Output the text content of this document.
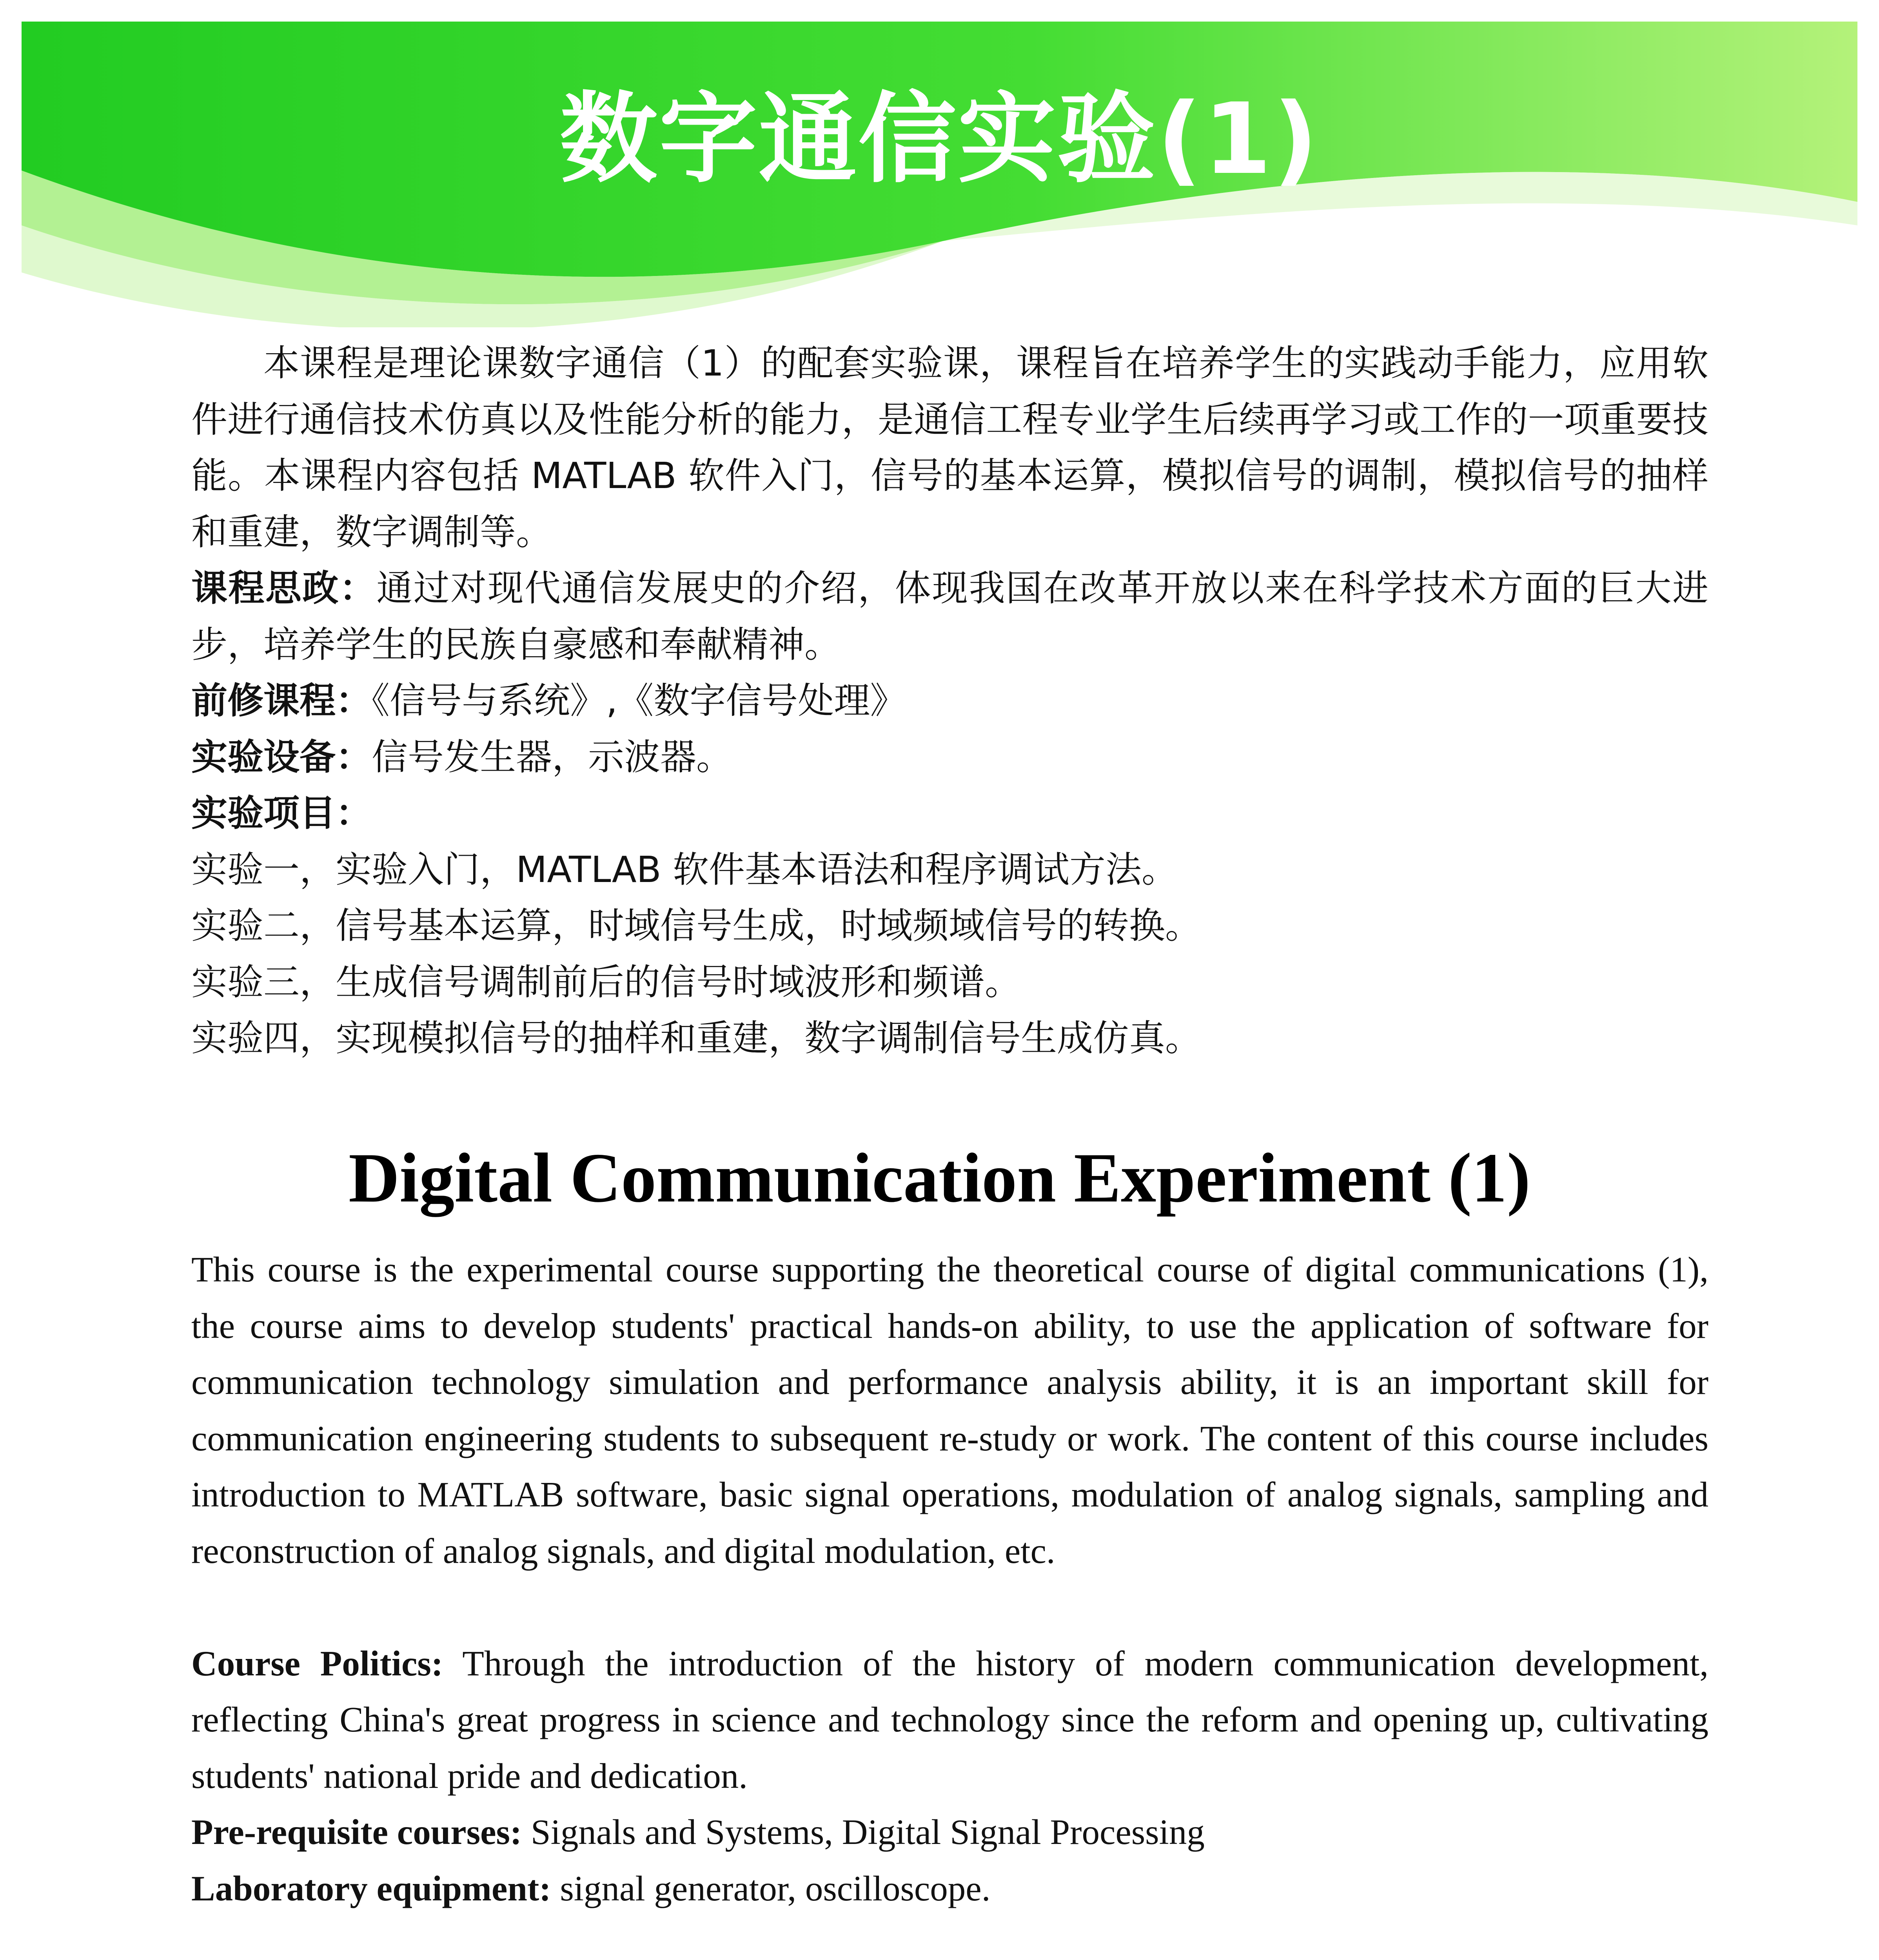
数字通信实验(1)

本课程是理论课数字通信（1）的配套实验课，课程旨在培养学生的实践动手能力，应用软件进行通信技术仿真以及性能分析的能力，是通信工程专业学生后续再学习或工作的一项重要技能。本课程内容包括 MATLAB 软件入门，信号的基本运算，模拟信号的调制，模拟信号的抽样和重建，数字调制等。

课程思政：通过对现代通信发展史的介绍，体现我国在改革开放以来在科学技术方面的巨大进步，培养学生的民族自豪感和奉献精神。

前修课程：《信号与系统》,《数字信号处理》

实验设备：信号发生器，示波器。

实验项目：

实验一，实验入门，MATLAB 软件基本语法和程序调试方法。

实验二，信号基本运算，时域信号生成，时域频域信号的转换。

实验三，生成信号调制前后的信号时域波形和频谱。

实验四，实现模拟信号的抽样和重建，数字调制信号生成仿真。

Digital Communication Experiment (1)

This course is the experimental course supporting the theoretical course of digital communications (1), the course aims to develop students' practical hands-on ability, to use the application of software for communication technology simulation and performance analysis ability, it is an important skill for communication engineering students to subsequent re-study or work. The content of this course includes introduction to MATLAB software, basic signal operations, modulation of analog signals, sampling and reconstruction of analog signals, and digital modulation, etc.

Course Politics: Through the introduction of the history of modern communication development, reflecting China's great progress in science and technology since the reform and opening up, cultivating students' national pride and dedication.

Pre-requisite courses: Signals and Systems, Digital Signal Processing

Laboratory equipment: signal generator, oscilloscope.
